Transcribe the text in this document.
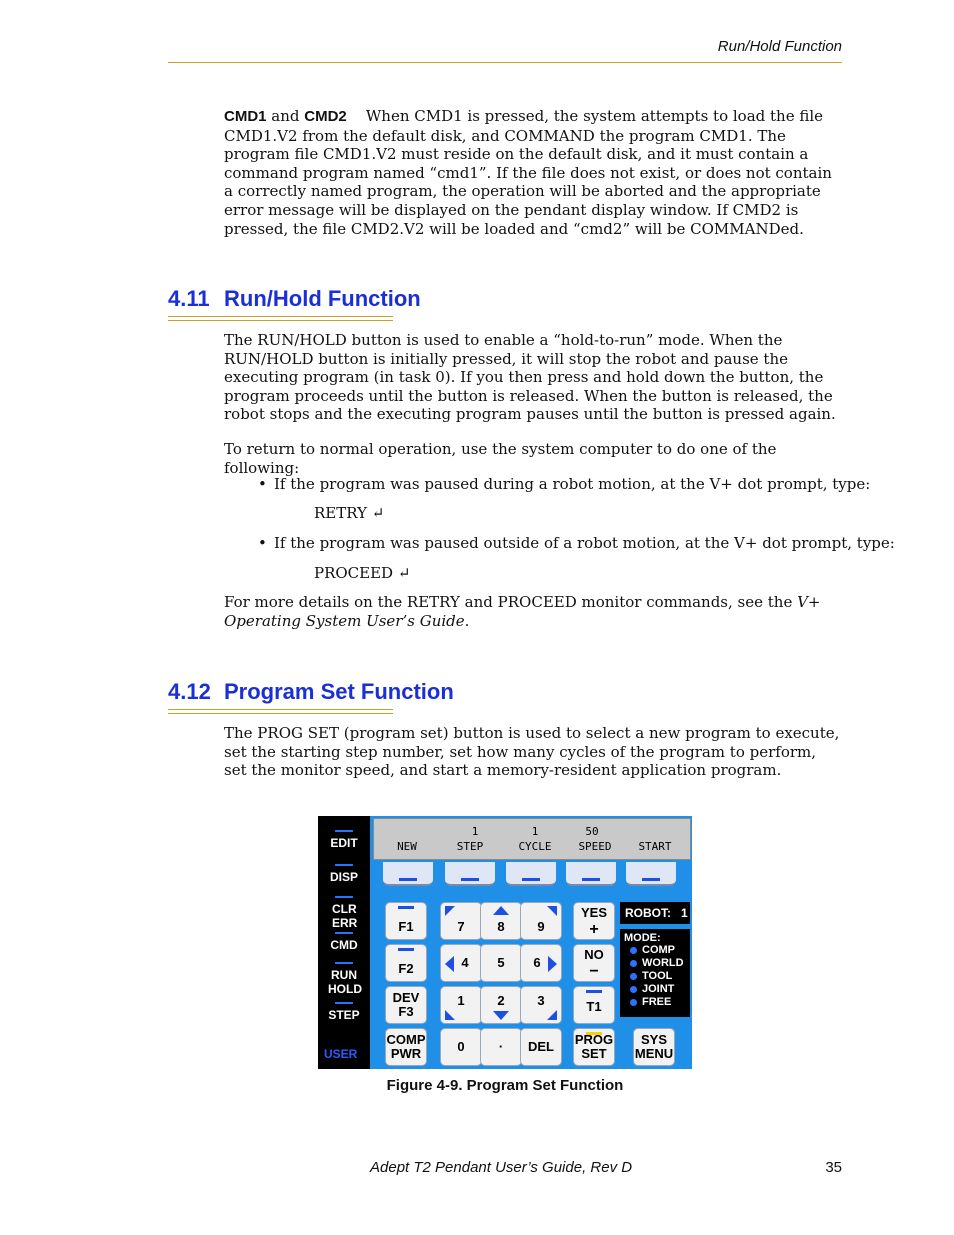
Run/Hold Function
CMD1 and CMD2 When CMD1 is pressed, the system attempts to load the file CMD1.V2 from the default disk, and COMMAND the program CMD1. The program file CMD1.V2 must reside on the default disk, and it must contain a command program named “cmd1”. If the file does not exist, or does not contain a correctly named program, the operation will be aborted and the appropriate error message will be displayed on the pendant display window. If CMD2 is pressed, the file CMD2.V2 will be loaded and “cmd2” will be COMMANDed.
4.11 Run/Hold Function
The RUN/HOLD button is used to enable a “hold-to-run” mode. When the RUN/HOLD button is initially pressed, it will stop the robot and pause the executing program (in task 0). If you then press and hold down the button, the program proceeds until the button is released. When the button is released, the robot stops and the executing program pauses until the button is pressed again.
To return to normal operation, use the system computer to do one of the following:
• If the program was paused during a robot motion, at the V+ dot prompt, type:
RETRY ↵
• If the program was paused outside of a robot motion, at the V+ dot prompt, type:
PROCEED ↵
For more details on the RETRY and PROCEED monitor commands, see the V+ Operating System User’s Guide.
4.12 Program Set Function
The PROG SET (program set) button is used to select a new program to execute, set the starting step number, set how many cycles of the program to perform, set the monitor speed, and start a memory-resident application program.
EDIT
DISP
CLR ERR
CMD
RUN HOLD
STEP
USER
1	1	50
NEW	STEP	CYCLE	SPEED	START
F1
F2
DEV
F3
COMP
PWR
7	8	9
4	5	6
1	2	3
0	·	DEL
YES
+
NO
−
T1
PROG
SET
SYS
MENU
ROBOT: 1
MODE:
COMP
WORLD
TOOL
JOINT
FREE
Figure 4-9. Program Set Function
Adept T2 Pendant User’s Guide, Rev D	35
